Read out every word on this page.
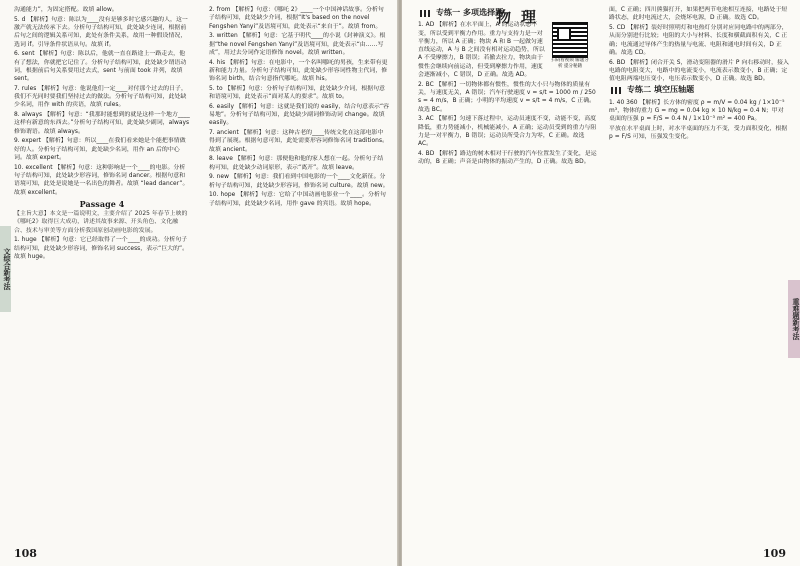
沟通能力”，为固定搭配。故填 allow。

5. d 【解析】句意：陈以为____没有是够多时它感兴趣的人，这一激产就无法传承下去。分析句子结构可知，此处缺少连词，根据前后句之间的逻辑关系可知，此处有条件关系，故用一种假设情况，选词 if。引导条件状语从句。故填 if。

6. sent 【解析】句意：陈以后，他就一直在路途上一路走去，他有了想法，你就把它记住了。分析句子结构可知，此处缺少谓语动词，根据前后句关系要用过去式，sent 与前面 took 并列，故填 sent。

7. rules 【解析】句意：他说他们一定____对付那个过去的日子，我们不光同时要我们坚持过去的做法。分析句子结构可知，此处缺少名词，用作 with 的宾语，故填 rules。

8. always 【解析】句意：“我那时能想到的就是这样一个地方____这样有新意的东西去。”分析句子结构可知，此处缺少副词，always 修饰谓语。故填 always。

9. expert 【解析】句意：所以____在我们看来她是个能把事情做好的人。分析句子结构可知，此处缺少名词，用作 an 后的中心词。故填 expert。

10. excellent 【解析】句意：这种影响是一个____的电影。分析句子结构可知，此处缺少形容词，修饰名词 dancer。根据句意和语境可知，此处是说她是一名出色的舞者。故填 “lead dancer”。故填 excellent。

Passage 4

【主旨大意】本文是一篇说明文，主要介绍了 2025 年春节上映的《哪吒2》取得巨大成功，讲述其故事来源、开头角色、文化融合、技术与审美等方面分析我国原创动画电影的发展。

1. huge 【解析】句意：它已经取得了一个____的成功。分析句子结构可知，此处缺少形容词，修饰名词 success，表示“巨大的”。故填 huge。

2. from 【解析】句意：《哪吒 2》____一个中国神话故事。分析句子结构可知，此处缺少介词，根据“It's based on the novel Fengshen Yanyi”及语境可知，此处表示“来自于”。故填 from。

3. written 【解析】句意：它基于明代____的小说《封神演义》。根据“the novel Fengshen Yanyi”及语境可知，此处表示“由……写成”，用过去分词作定语修饰 novel。故填 written。

4. his 【解析】句意：在电影中，一个名叫哪吒的男孩，生来带有更新和能力力量。分析句子结构可知，此处缺少形容词性物主代词，修饰名词 birth，结合句意指代哪吒。故填 his。

5. to 【解析】句意：分析句子结构可知，此处缺少介词，根据句意和语境可知，此处表示“面对某人的要求”。故填 to。

6. easily 【解析】句意：这就是我们说的 easily，结合句意表示“容易地”。分析句子结构可知，此处缺少副词修饰动词 change。故填 easily。

7. ancient 【解析】句意：这种古老的____传统文化在这部电影中得到了展现。根据句意可知，此处需要形容词修饰名词 traditions。故填 ancient。

8. leave 【解析】句意：那便他和他的家人想在一起。分析句子结构可知，此处缺少动词原形，表示“离开”。故填 leave。

9. new 【解析】句意：我们看到中国电影的一个____文化新征。分析句子结构可知，此处缺少形容词，修饰名词 culture。故填 new。

10. hope 【解析】句意：它给了中国动画电影业一个____。分析句子结构可知，此处缺少名词，用作 gave 的宾语。故填 hope。

文综合新考法
108
专练一 多项选择题

1. AD 【解析】在水平面上，A 的运动状态不变，所以受到平衡力作用。重力与支持力是一对平衡力，所以 A 正确；物块 A 和 B 一起做匀速直线运动，A 与 B 之间没有相对运动趋势，所以 A 不受摩擦力，B 错误；若撤去拉力，物块由于惯性会继续向前运动，但受到摩擦力作用，速度会逐渐减小，C 错误，D 正确。故选 AD。

2. BC 【解析】一切物体都有惯性，惯性的大小只与物体的质量有关，与速度无关，A 错误；汽车行驶速度 v = s/t = 1000 m / 250 s = 4 m/s，B 正确；小明的平均速度 v = s/t = 4 m/s，C 正确。故选 BC。

3. AC 【解析】匀速下落过程中，运动员速度不变，动能不变，高度降低，重力势能减小，机械能减小，A 正确；运动员受到的重力与阻力是一对平衡力，B 错误；运动员所受合力为零，C 正确。故选 AC。

4. BD 【解析】路边的树木相对于行驶的汽车位置发生了变化，是运动的，B 正确；声音是由物体的振动产生的，D 正确。故选 BD。

扫码看视频 解题分析 提分秘籍

面，C 正确；四川熊猫打开，如果把两节电池相互连接，电路处于短路状态，此时电流过大，会烧坏电源，D 正确。故选 CD。

5. CD 【解析】装好时照明灯和电热灯分别对应同电路中的两部分，从而分别进行比较；电阻的大小与材料、长度和横截面积有关，C 正确；电流通过导体产生的热量与电流、电阻和通电时间有关，D 正确。故选 CD。

6. BD 【解析】闭合开关 S，滑动变阻器的滑片 P 向右移动时，接入电路的电阻变大，电路中的电流变小，电流表示数变小，B 正确；定值电阻两端电压变小，电压表示数变小，D 正确。故选 BD。

专练二 填空压轴题

1. 40 360 【解析】长方体的密度 ρ = m/V = 0.04 kg / 1×10⁻⁵ m³，物体的重力 G = mg = 0.04 kg × 10 N/kg = 0.4 N；甲对桌面的压强 p = F/S = 0.4 N / 1×10⁻³ m² = 400 Pa。

平放在水平桌面上时，对水平桌面的压力不变，受力面积变化，根据 p = F/S 可知，压强发生变化。

物理
重难题新考法
109
